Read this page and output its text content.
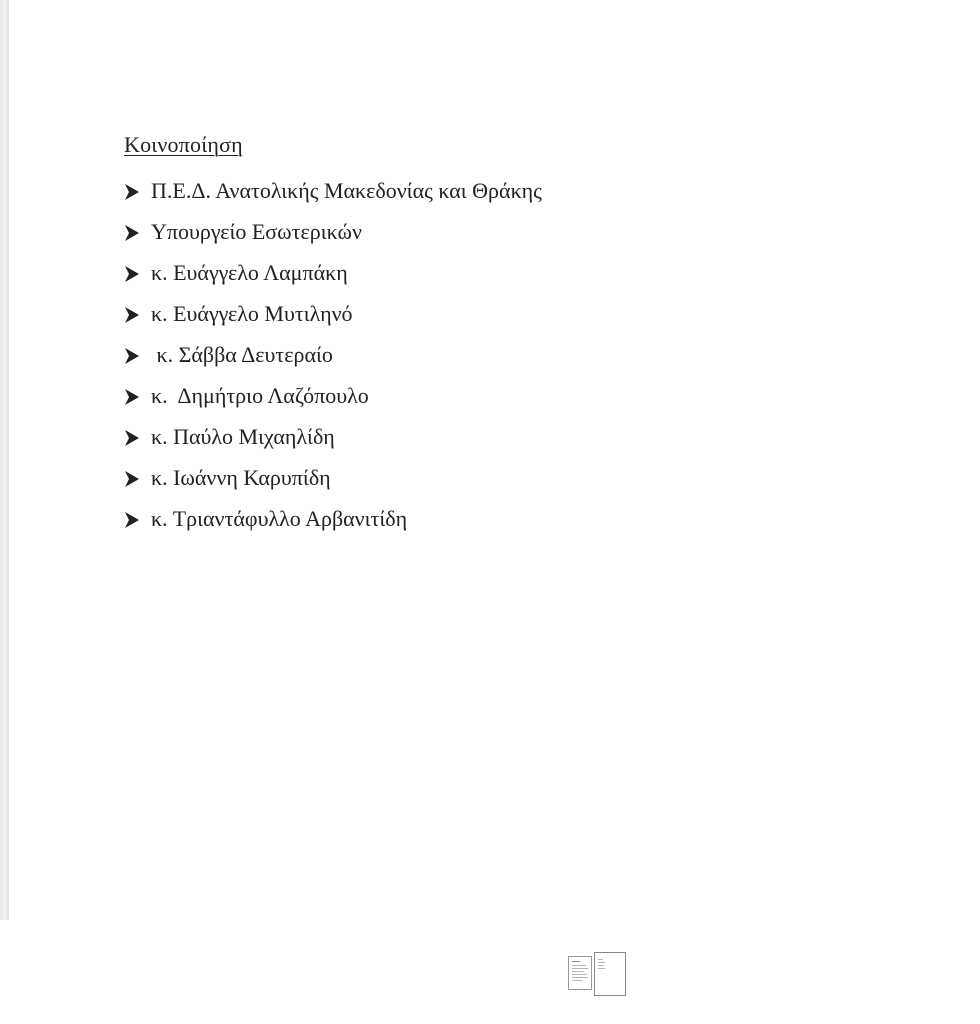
Κοινοποίηση
Π.Ε.Δ. Ανατολικής Μακεδονίας και Θράκης
Υπουργείο Εσωτερικών
κ. Ευάγγελο Λαμπάκη
κ. Ευάγγελο Μυτιληνό
κ. Σάββα Δευτεραίο
κ.  Δημήτριο Λαζόπουλο
κ. Παύλο Μιχαηλίδη
κ. Ιωάννη Καρυπίδη
κ. Τριαντάφυλλο Αρβανιτίδη
